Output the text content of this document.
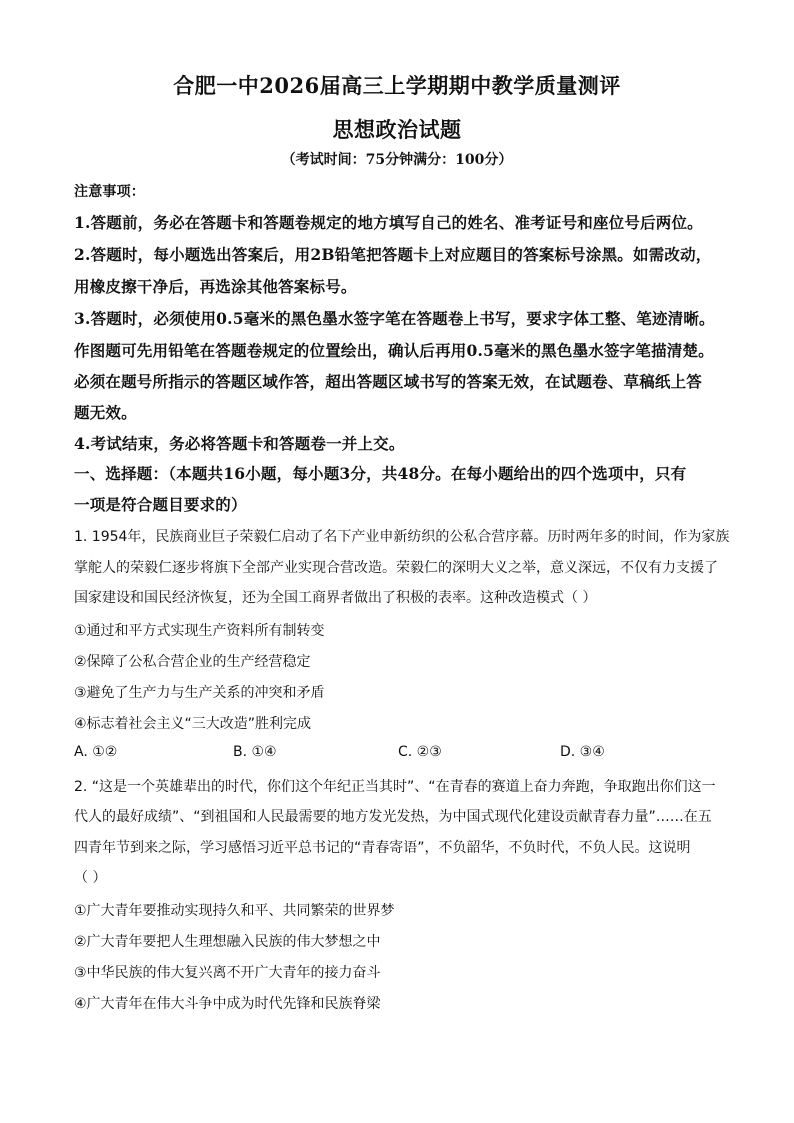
合肥一中2026届高三上学期期中教学质量测评
思想政治试题
（考试时间：75分钟满分：100分）
注意事项：
1.答题前，务必在答题卡和答题卷规定的地方填写自己的姓名、准考证号和座位号后两位。
2.答题时，每小题选出答案后，用2B铅笔把答题卡上对应题目的答案标号涂黑。如需改动，
用橡皮擦干净后，再选涂其他答案标号。
3.答题时，必须使用0.5毫米的黑色墨水签字笔在答题卷上书写，要求字体工整、笔迹清晰。
作图题可先用铅笔在答题卷规定的位置绘出，确认后再用0.5毫米的黑色墨水签字笔描清楚。
必须在题号所指示的答题区域作答，超出答题区域书写的答案无效，在试题卷、草稿纸上答
题无效。
4.考试结束，务必将答题卡和答题卷一并上交。
一、选择题：（本题共16小题，每小题3分，共48分。在每小题给出的四个选项中，只有
一项是符合题目要求的）
1. 1954年，民族商业巨子荣毅仁启动了名下产业申新纺织的公私合营序幕。历时两年多的时间，作为家族
掌舵人的荣毅仁逐步将旗下全部产业实现合营改造。荣毅仁的深明大义之举，意义深远，不仅有力支援了
国家建设和国民经济恢复，还为全国工商界者做出了积极的表率。这种改造模式（ ）
①通过和平方式实现生产资料所有制转变
②保障了公私合营企业的生产经营稳定
③避免了生产力与生产关系的冲突和矛盾
④标志着社会主义“三大改造”胜利完成
A. ①②	B. ①④	C. ②③	D. ③④
2. “这是一个英雄辈出的时代，你们这个年纪正当其时”、“在青春的赛道上奋力奔跑，争取跑出你们这一
代人的最好成绩”、“到祖国和人民最需要的地方发光发热，为中国式现代化建设贡献青春力量”……在五
四青年节到来之际，学习感悟习近平总书记的“青春寄语”，不负韶华，不负时代，不负人民。这说明
（ ）
①广大青年要推动实现持久和平、共同繁荣的世界梦
②广大青年要把人生理想融入民族的伟大梦想之中
③中华民族的伟大复兴离不开广大青年的接力奋斗
④广大青年在伟大斗争中成为时代先锋和民族脊梁
